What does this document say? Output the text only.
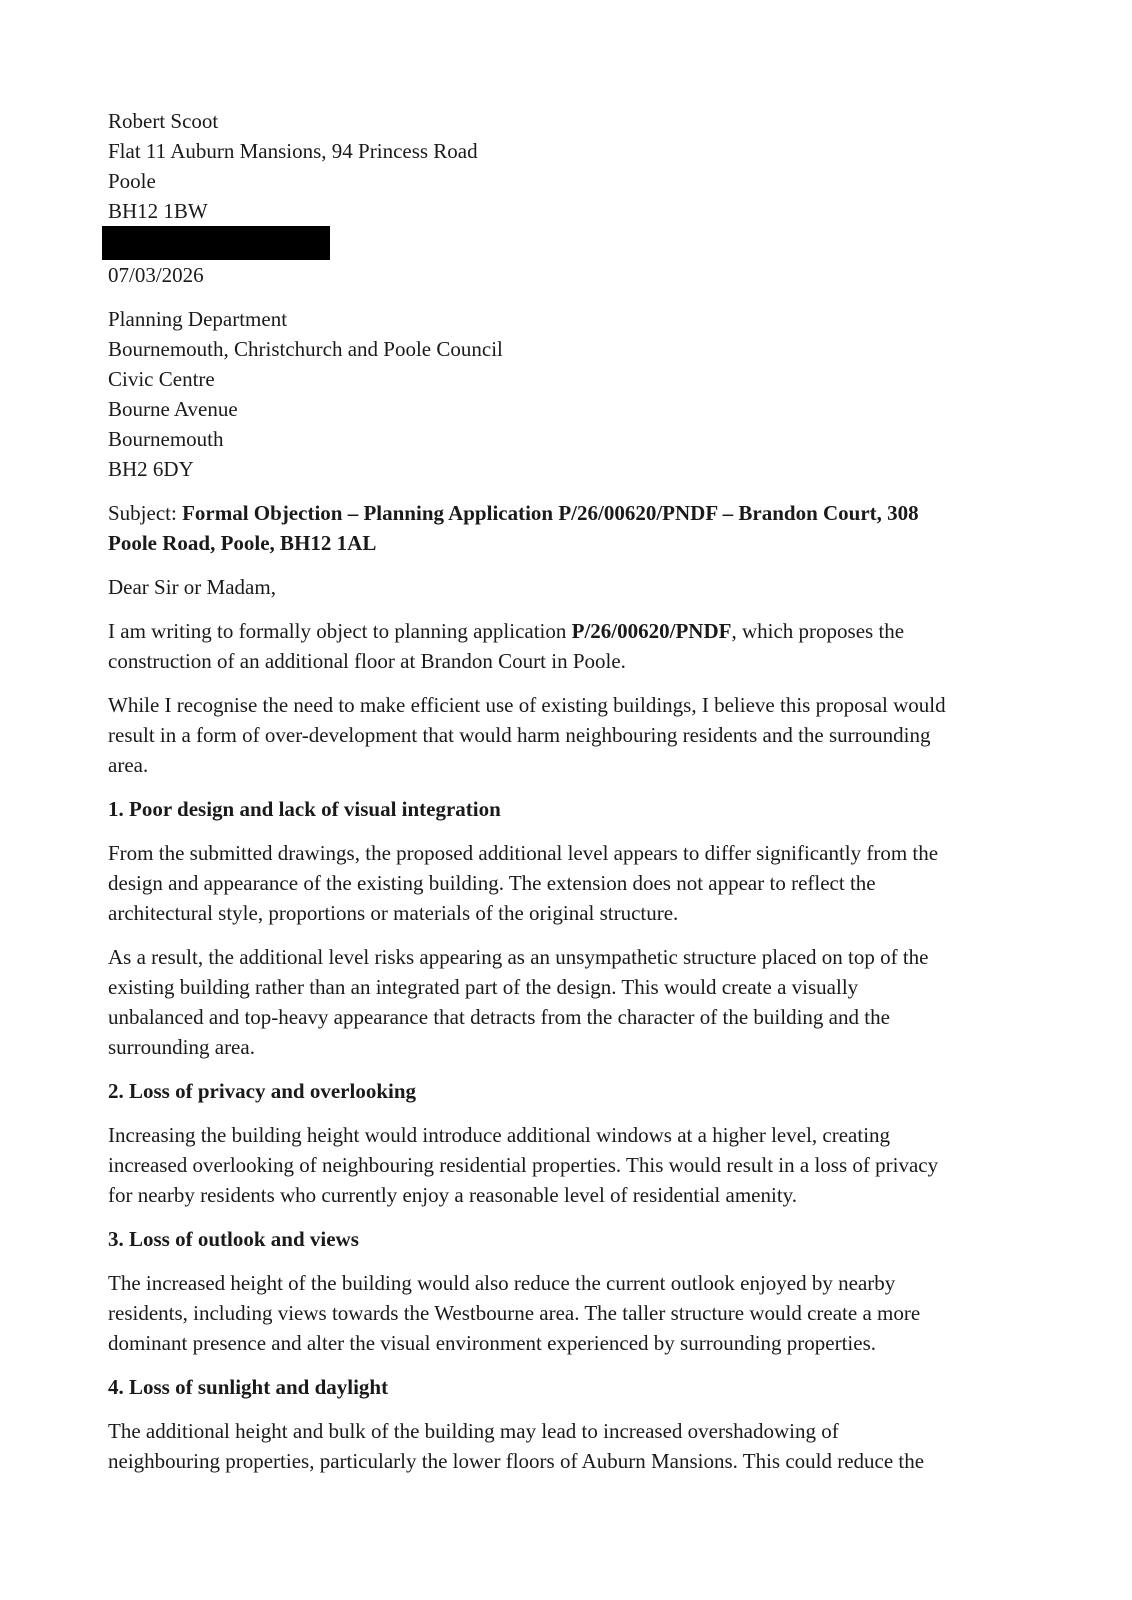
Robert Scoot
Flat 11 Auburn Mansions, 94 Princess Road
Poole
BH12 1BW
07/03/2026
Planning Department
Bournemouth, Christchurch and Poole Council
Civic Centre
Bourne Avenue
Bournemouth
BH2 6DY
Subject: Formal Objection – Planning Application P/26/00620/PNDF – Brandon Court, 308
Poole Road, Poole, BH12 1AL
Dear Sir or Madam,
I am writing to formally object to planning application P/26/00620/PNDF, which proposes the
construction of an additional floor at Brandon Court in Poole.
While I recognise the need to make efficient use of existing buildings, I believe this proposal would
result in a form of over-development that would harm neighbouring residents and the surrounding
area.
1. Poor design and lack of visual integration
From the submitted drawings, the proposed additional level appears to differ significantly from the
design and appearance of the existing building. The extension does not appear to reflect the
architectural style, proportions or materials of the original structure.
As a result, the additional level risks appearing as an unsympathetic structure placed on top of the
existing building rather than an integrated part of the design. This would create a visually
unbalanced and top-heavy appearance that detracts from the character of the building and the
surrounding area.
2. Loss of privacy and overlooking
Increasing the building height would introduce additional windows at a higher level, creating
increased overlooking of neighbouring residential properties. This would result in a loss of privacy
for nearby residents who currently enjoy a reasonable level of residential amenity.
3. Loss of outlook and views
The increased height of the building would also reduce the current outlook enjoyed by nearby
residents, including views towards the Westbourne area. The taller structure would create a more
dominant presence and alter the visual environment experienced by surrounding properties.
4. Loss of sunlight and daylight
The additional height and bulk of the building may lead to increased overshadowing of
neighbouring properties, particularly the lower floors of Auburn Mansions. This could reduce the
